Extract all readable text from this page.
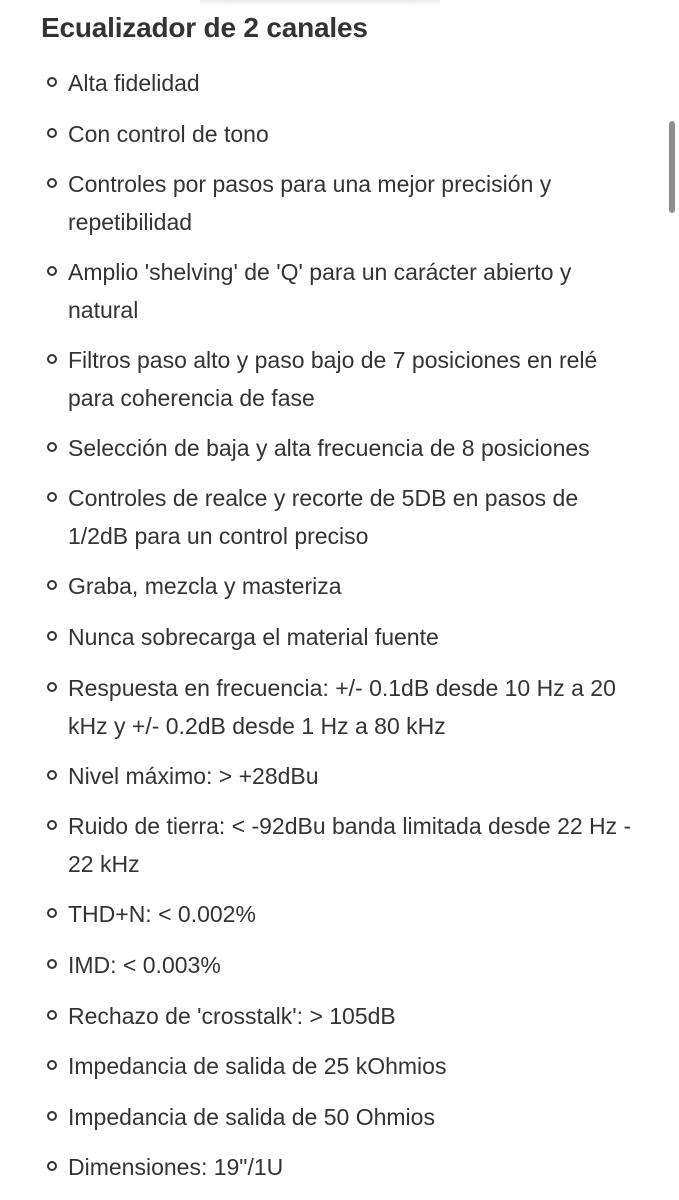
Ecualizador de 2 canales
Alta fidelidad
Con control de tono
Controles por pasos para una mejor precisión y repetibilidad
Amplio 'shelving' de 'Q' para un carácter abierto y natural
Filtros paso alto y paso bajo de 7 posiciones en relé para coherencia de fase
Selección de baja y alta frecuencia de 8 posiciones
Controles de realce y recorte de 5DB en pasos de 1/2dB para un control preciso
Graba, mezcla y masteriza
Nunca sobrecarga el material fuente
Respuesta en frecuencia: +/- 0.1dB desde 10 Hz a 20 kHz y +/- 0.2dB desde 1 Hz a 80 kHz
Nivel máximo: > +28dBu
Ruido de tierra: < -92dBu banda limitada desde 22 Hz - 22 kHz
THD+N: < 0.002%
IMD: < 0.003%
Rechazo de 'crosstalk': > 105dB
Impedancia de salida de 25 kOhmios
Impedancia de salida de 50 Ohmios
Dimensiones: 19"/1U
